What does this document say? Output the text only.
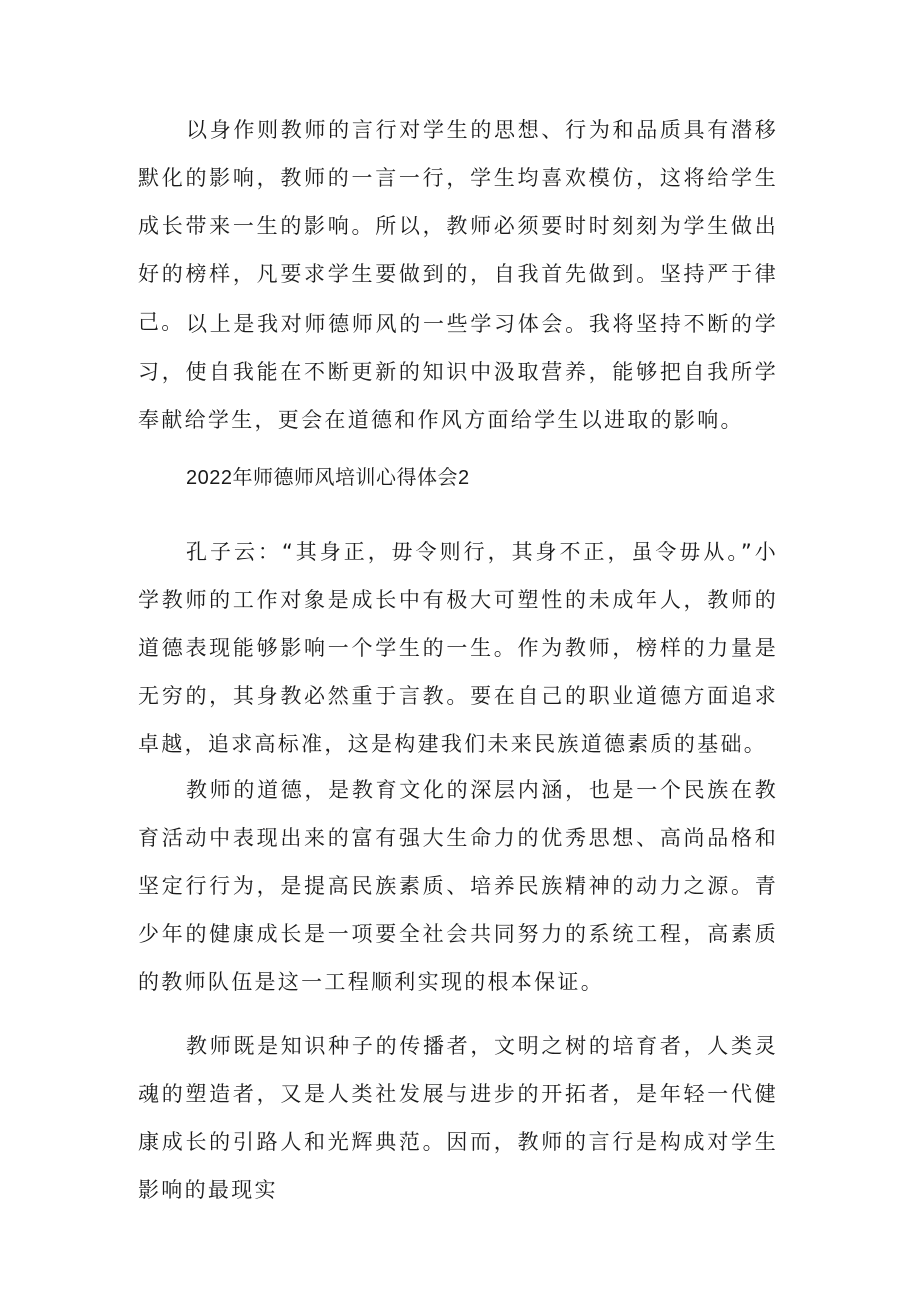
以身作则教师的言行对学生的思想、行为和品质具有潜移默化的影响，教师的一言一行，学生均喜欢模仿，这将给学生成长带来一生的影响。所以，教师必须要时时刻刻为学生做出好的榜样，凡要求学生要做到的，自我首先做到。坚持严于律己。 以上是我对师德师风的一些学习体会。我将坚持不断的学习，使自我能在不断更新的知识中汲取营养，能够把自我所学奉献给学生，更会在道德和作风方面给学生以进取的影响。

2022年师德师风培训心得体会2

孔子云：“其身正，毋令则行，其身不正，虽令毋从。”小学教师的工作对象是成长中有极大可塑性的未成年人，教师的道德表现能够影响一个学生的一生。作为教师，榜样的力量是无穷的，其身教必然重于言教。要在自己的职业道德方面追求卓越，追求高标准，这是构建我们未来民族道德素质的基础。

教师的道德，是教育文化的深层内涵，也是一个民族在教育活动中表现出来的富有强大生命力的优秀思想、高尚品格和坚定行行为，是提高民族素质、培养民族精神的动力之源。青少年的健康成长是一项要全社会共同努力的系统工程，高素质的教师队伍是这一工程顺利实现的根本保证。

教师既是知识种子的传播者，文明之树的培育者，人类灵魂的塑造者，又是人类社发展与进步的开拓者，是年轻一代健康成长的引路人和光辉典范。因而，教师的言行是构成对学生影响的最现实
